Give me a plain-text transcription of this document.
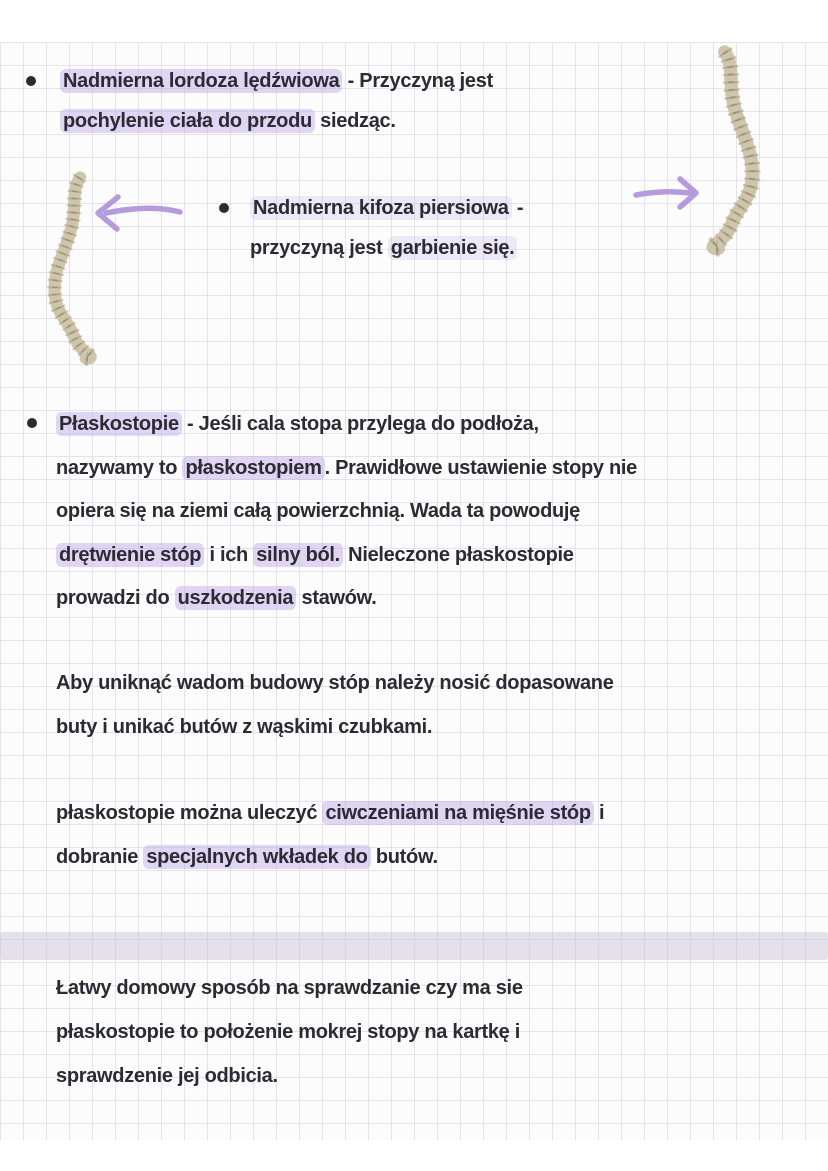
Nadmierna lordoza lędźwiowa - Przyczyną jest
pochylenie ciała do przodu siedząc.
Nadmierna kifoza piersiowa -
przyczyną jest garbienie się.
Płaskostopie - Jeśli cala stopa przylega do podłoża,
nazywamy to płaskostopiem . Prawidłowe ustawienie stopy nie
opiera się na ziemi całą powierzchnią. Wada ta powoduję
drętwienie stóp i ich silny ból. Nieleczone płaskostopie
prowadzi do uszkodzenia stawów.
Aby uniknąć wadom budowy stóp należy nosić dopasowane
buty i unikać butów z wąskimi czubkami.
płaskostopie można uleczyć ciwczeniami na mięśnie stóp i
dobranie specjalnych wkładek do butów.
Łatwy domowy sposób na sprawdzanie czy ma sie
płaskostopie to położenie mokrej stopy na kartkę i
sprawdzenie jej odbicia.
